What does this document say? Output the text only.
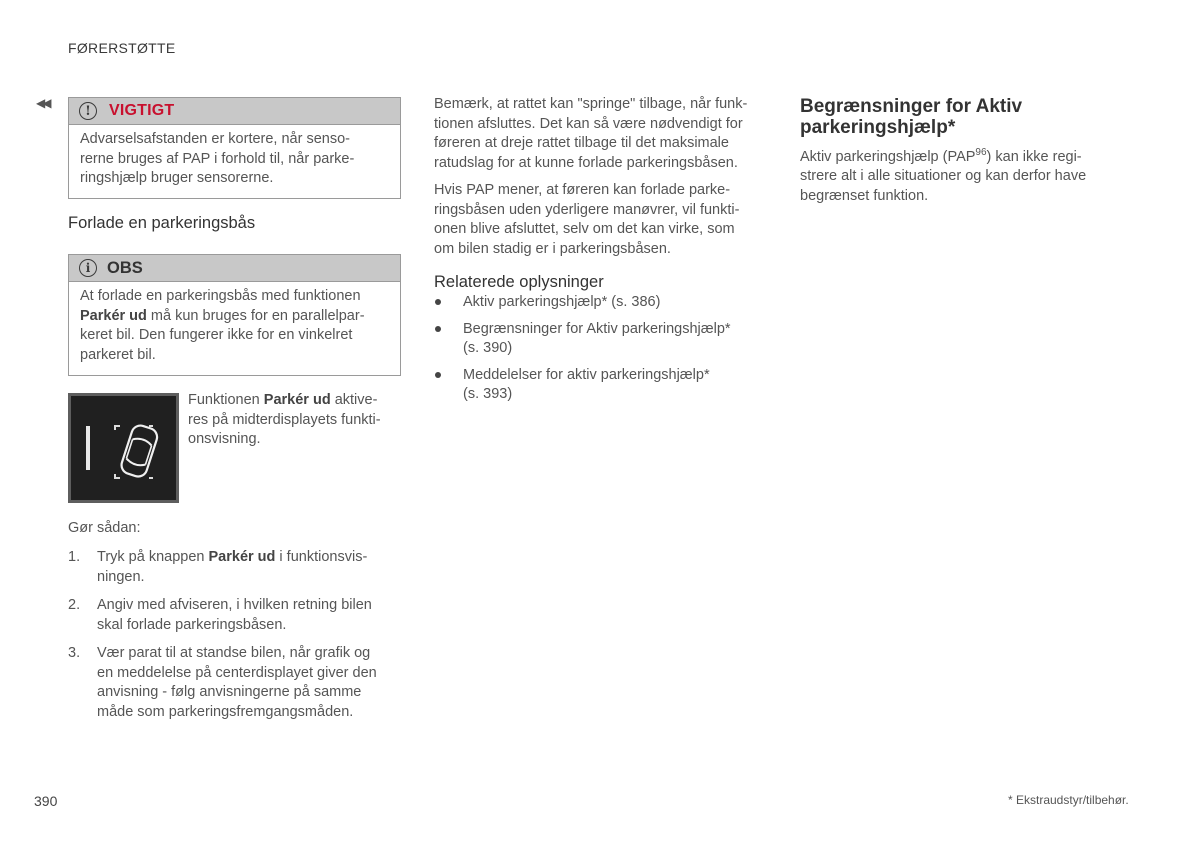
FØRERSTØTTE
◀◀
!	VIGTIGT
Advarselsafstanden er kortere, når senso-
rerne bruges af PAP i forhold til, når parke-
ringshjælp bruger sensorerne.
Forlade en parkeringsbås
i	OBS
At forlade en parkeringsbås med funktionen
Parkér ud må kun bruges for en parallelpar-
keret bil. Den fungerer ikke for en vinkelret
parkeret bil.
Funktionen Parkér ud aktive-
res på midterdisplayets funkti-
onsvisning.
Gør sådan:
1. Tryk på knappen Parkér ud i funktionsvis-
ningen.
2. Angiv med afviseren, i hvilken retning bilen
skal forlade parkeringsbåsen.
3. Vær parat til at standse bilen, når grafik og
en meddelelse på centerdisplayet giver den
anvisning - følg anvisningerne på samme
måde som parkeringsfremgangsmåden.
Bemærk, at rattet kan "springe" tilbage, når funk-
tionen afsluttes. Det kan så være nødvendigt for
føreren at dreje rattet tilbage til det maksimale
ratudslag for at kunne forlade parkeringsbåsen.
Hvis PAP mener, at føreren kan forlade parke-
ringsbåsen uden yderligere manøvrer, vil funkti-
onen blive afsluttet, selv om det kan virke, som
om bilen stadig er i parkeringsbåsen.
Relaterede oplysninger
Aktiv parkeringshjælp* (s. 386)
Begrænsninger for Aktiv parkeringshjælp*
(s. 390)
Meddelelser for aktiv parkeringshjælp*
(s. 393)
Begrænsninger for Aktiv
parkeringshjælp*
Aktiv parkeringshjælp (PAP$^{96}$) kan ikke regi-
strere alt i alle situationer og kan derfor have
begrænset funktion.
390	* Ekstraudstyr/tilbehør.
